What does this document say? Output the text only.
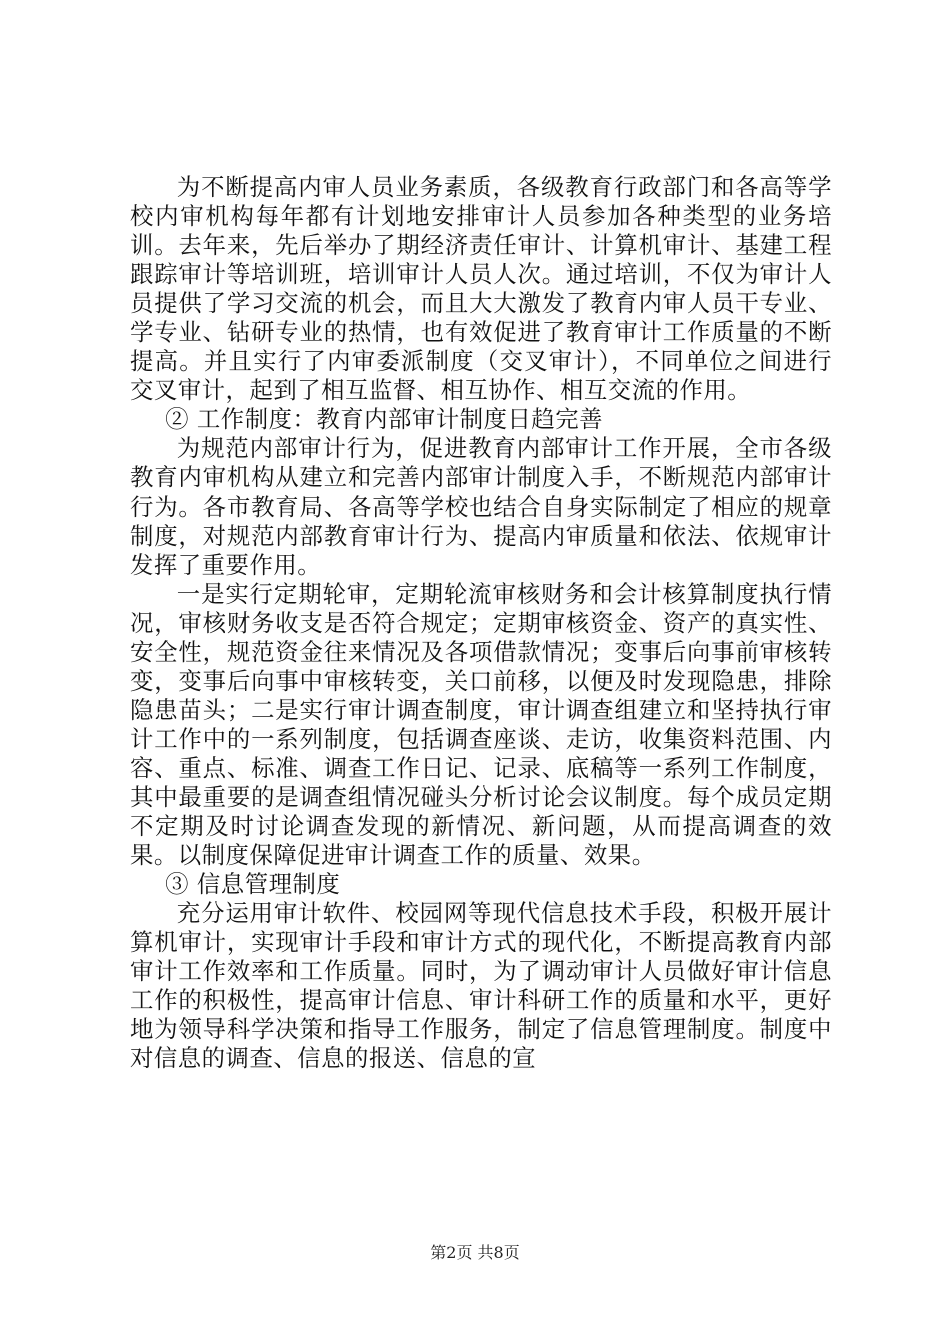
为不断提高内审人员业务素质，各级教育行政部门和各高等学校内审机构每年都有计划地安排审计人员参加各种类型的业务培训。去年来，先后举办了期经济责任审计、计算机审计、基建工程跟踪审计等培训班，培训审计人员人次。通过培训，不仅为审计人员提供了学习交流的机会，而且大大激发了教育内审人员干专业、学专业、钻研专业的热情，也有效促进了教育审计工作质量的不断提高。并且实行了内审委派制度（交叉审计），不同单位之间进行交叉审计，起到了相互监督、相互协作、相互交流的作用。

② 工作制度：教育内部审计制度日趋完善

为规范内部审计行为，促进教育内部审计工作开展，全市各级教育内审机构从建立和完善内部审计制度入手，不断规范内部审计行为。各市教育局、各高等学校也结合自身实际制定了相应的规章制度，对规范内部教育审计行为、提高内审质量和依法、依规审计发挥了重要作用。

一是实行定期轮审，定期轮流审核财务和会计核算制度执行情况，审核财务收支是否符合规定；定期审核资金、资产的真实性、安全性，规范资金往来情况及各项借款情况；变事后向事前审核转变，变事后向事中审核转变，关口前移，以便及时发现隐患，排除隐患苗头；二是实行审计调查制度，审计调查组建立和坚持执行审计工作中的一系列制度，包括调查座谈、走访，收集资料范围、内容、重点、标准、调查工作日记、记录、底稿等一系列工作制度，其中最重要的是调查组情况碰头分析讨论会议制度。每个成员定期不定期及时讨论调查发现的新情况、新问题，从而提高调查的效果。以制度保障促进审计调查工作的质量、效果。

③ 信息管理制度

充分运用审计软件、校园网等现代信息技术手段，积极开展计算机审计，实现审计手段和审计方式的现代化，不断提高教育内部审计工作效率和工作质量。同时，为了调动审计人员做好审计信息工作的积极性，提高审计信息、审计科研工作的质量和水平，更好地为领导科学决策和指导工作服务，制定了信息管理制度。制度中对信息的调查、信息的报送、信息的宣

第2页 共8页
